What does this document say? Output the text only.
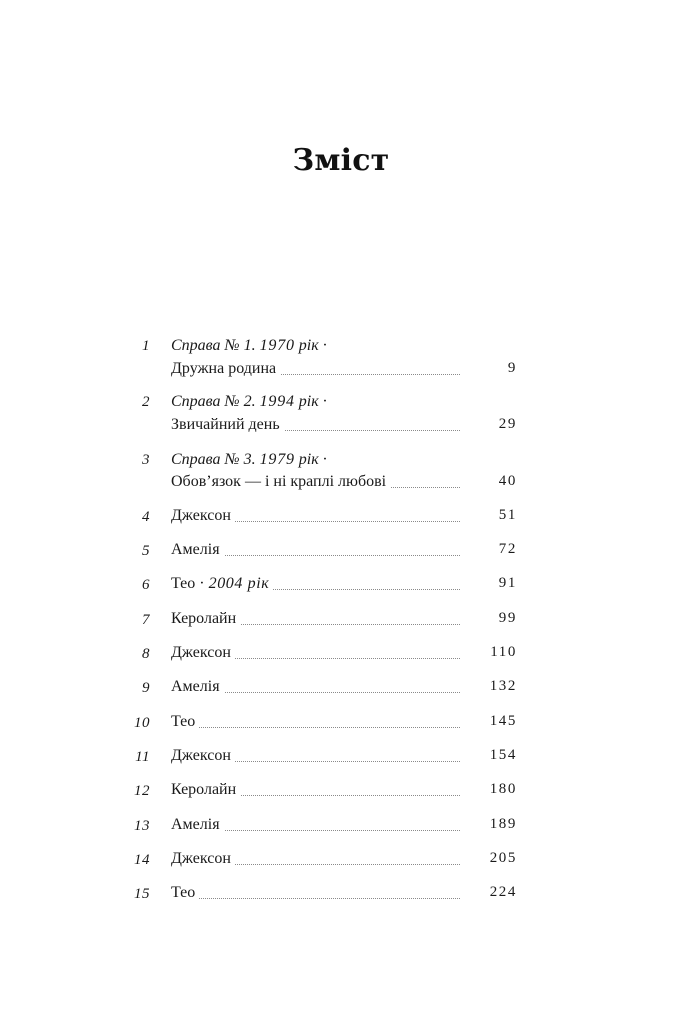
Зміст
1 Справа № 1. 1970 рік ·
Дружна родина	9
2 Справа № 2. 1994 рік ·
Звичайний день	29
3 Справа № 3. 1979 рік ·
Обов’язок — і ні краплі любові	40
4 Джексон	51
5 Амелія	72
6 Тео · 2004 рік	91
7 Керолайн	99
8 Джексон	110
9 Амелія	132
10 Тео	145
11 Джексон	154
12 Керолайн	180
13 Амелія	189
14 Джексон	205
15 Тео	224
